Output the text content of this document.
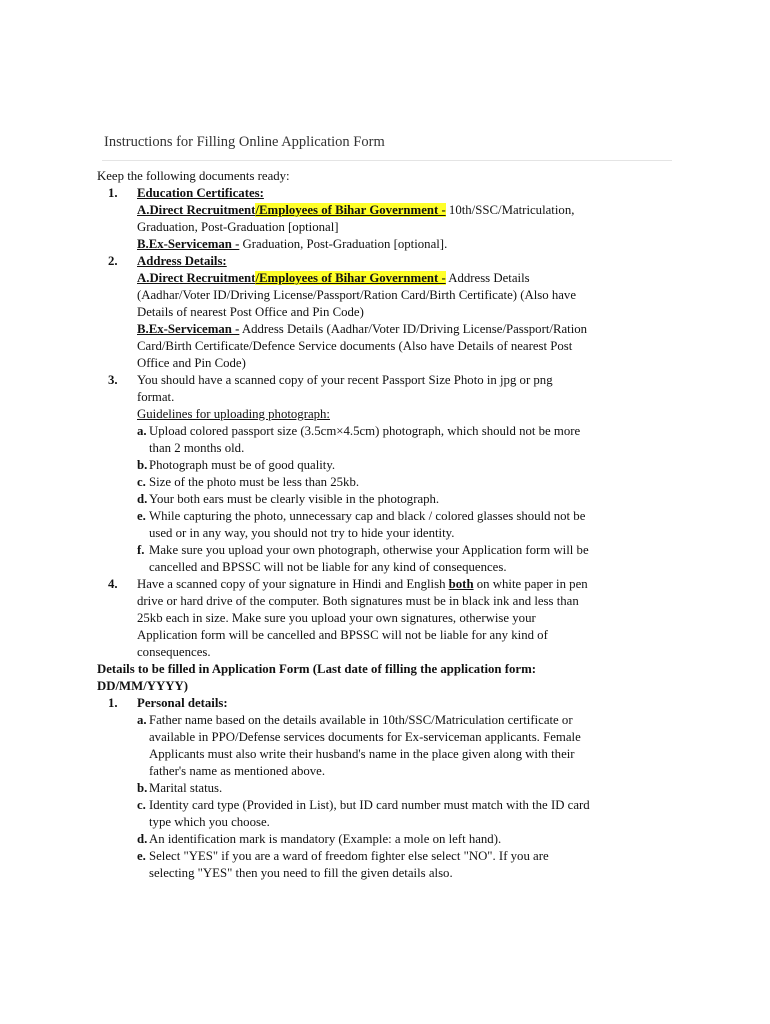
Instructions for Filling Online Application Form

Keep the following documents ready:

1. Education Certificates:
A.Direct Recruitment/Employees of Bihar Government - 10th/SSC/Matriculation,
Graduation, Post-Graduation [optional]
B.Ex-Serviceman - Graduation, Post-Graduation [optional].
2. Address Details:
A.Direct Recruitment/Employees of Bihar Government - Address Details
(Aadhar/Voter ID/Driving License/Passport/Ration Card/Birth Certificate) (Also have
Details of nearest Post Office and Pin Code)
B.Ex-Serviceman - Address Details (Aadhar/Voter ID/Driving License/Passport/Ration
Card/Birth Certificate/Defence Service documents (Also have Details of nearest Post
Office and Pin Code)
3. You should have a scanned copy of your recent Passport Size Photo in jpg or png
format.
Guidelines for uploading photograph:
a. Upload colored passport size (3.5cm×4.5cm) photograph, which should not be more
than 2 months old.
b. Photograph must be of good quality.
c. Size of the photo must be less than 25kb.
d. Your both ears must be clearly visible in the photograph.
e. While capturing the photo, unnecessary cap and black / colored glasses should not be
used or in any way, you should not try to hide your identity.
f. Make sure you upload your own photograph, otherwise your Application form will be
cancelled and BPSSC will not be liable for any kind of consequences.
4. Have a scanned copy of your signature in Hindi and English both on white paper in pen
drive or hard drive of the computer. Both signatures must be in black ink and less than
25kb each in size. Make sure you upload your own signatures, otherwise your
Application form will be cancelled and BPSSC will not be liable for any kind of
consequences.

Details to be filled in Application Form (Last date of filling the application form:
DD/MM/YYYY)

1. Personal details:
a. Father name based on the details available in 10th/SSC/Matriculation certificate or
available in PPO/Defense services documents for Ex-serviceman applicants. Female
Applicants must also write their husband's name in the place given along with their
father's name as mentioned above.
b. Marital status.
c. Identity card type (Provided in List), but ID card number must match with the ID card
type which you choose.
d. An identification mark is mandatory (Example: a mole on left hand).
e. Select "YES" if you are a ward of freedom fighter else select "NO". If you are
selecting "YES" then you need to fill the given details also.
